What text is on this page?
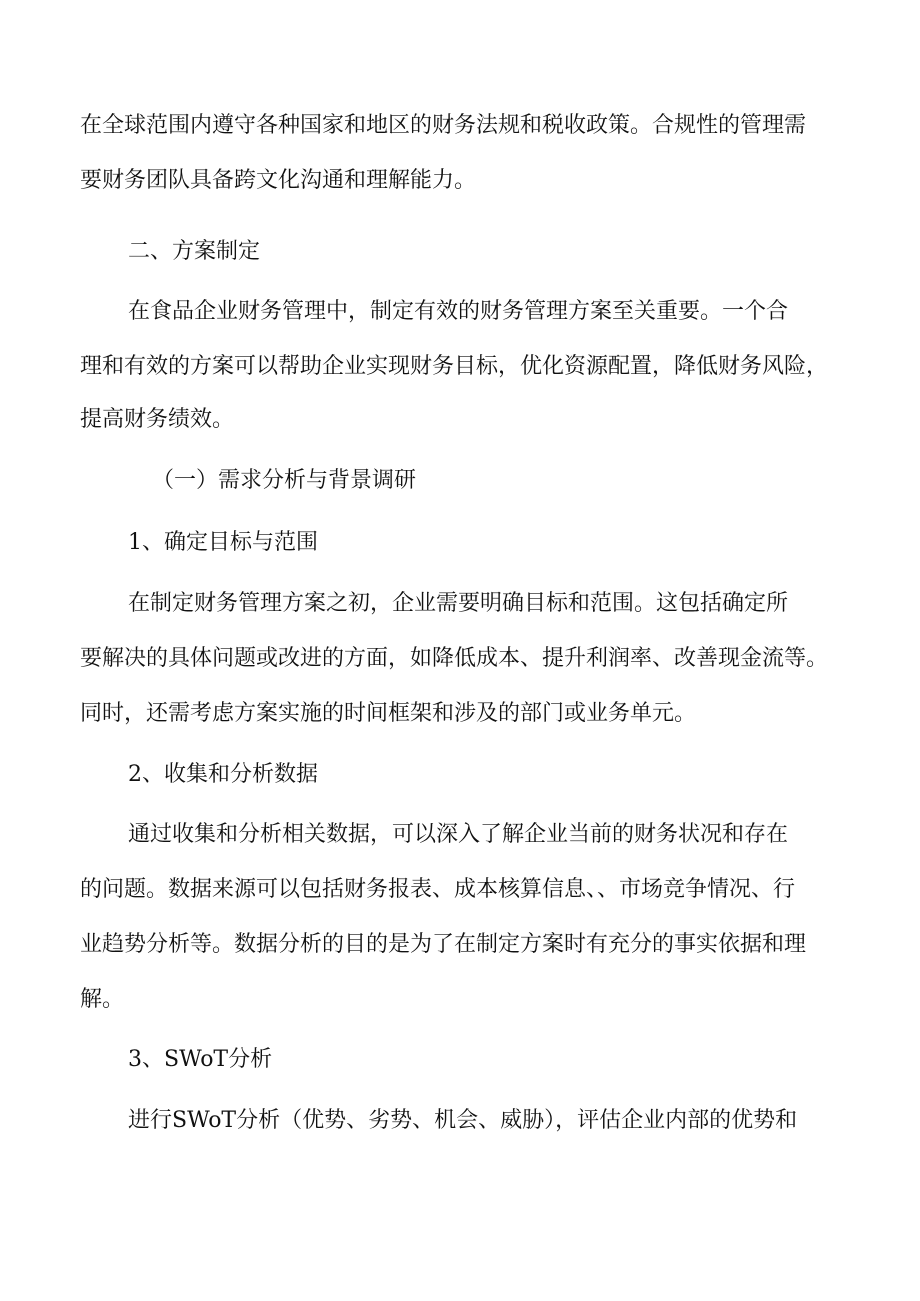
在全球范围内遵守各种国家和地区的财务法规和税收政策。合规性的管理需
要财务团队具备跨文化沟通和理解能力。
二、方案制定
在食品企业财务管理中，制定有效的财务管理方案至关重要。一个合
理和有效的方案可以帮助企业实现财务目标，优化资源配置，降低财务风险，
提高财务绩效。
（一）需求分析与背景调研
1、确定目标与范围
在制定财务管理方案之初，企业需要明确目标和范围。这包括确定所
要解决的具体问题或改进的方面，如降低成本、提升利润率、改善现金流等。
同时，还需考虑方案实施的时间框架和涉及的部门或业务单元。
2、收集和分析数据
通过收集和分析相关数据，可以深入了解企业当前的财务状况和存在
的问题。数据来源可以包括财务报表、成本核算信息、、市场竞争情况、行
业趋势分析等。数据分析的目的是为了在制定方案时有充分的事实依据和理
解。
3、SWoT分析
进行SWoT分析（优势、劣势、机会、威胁），评估企业内部的优势和
